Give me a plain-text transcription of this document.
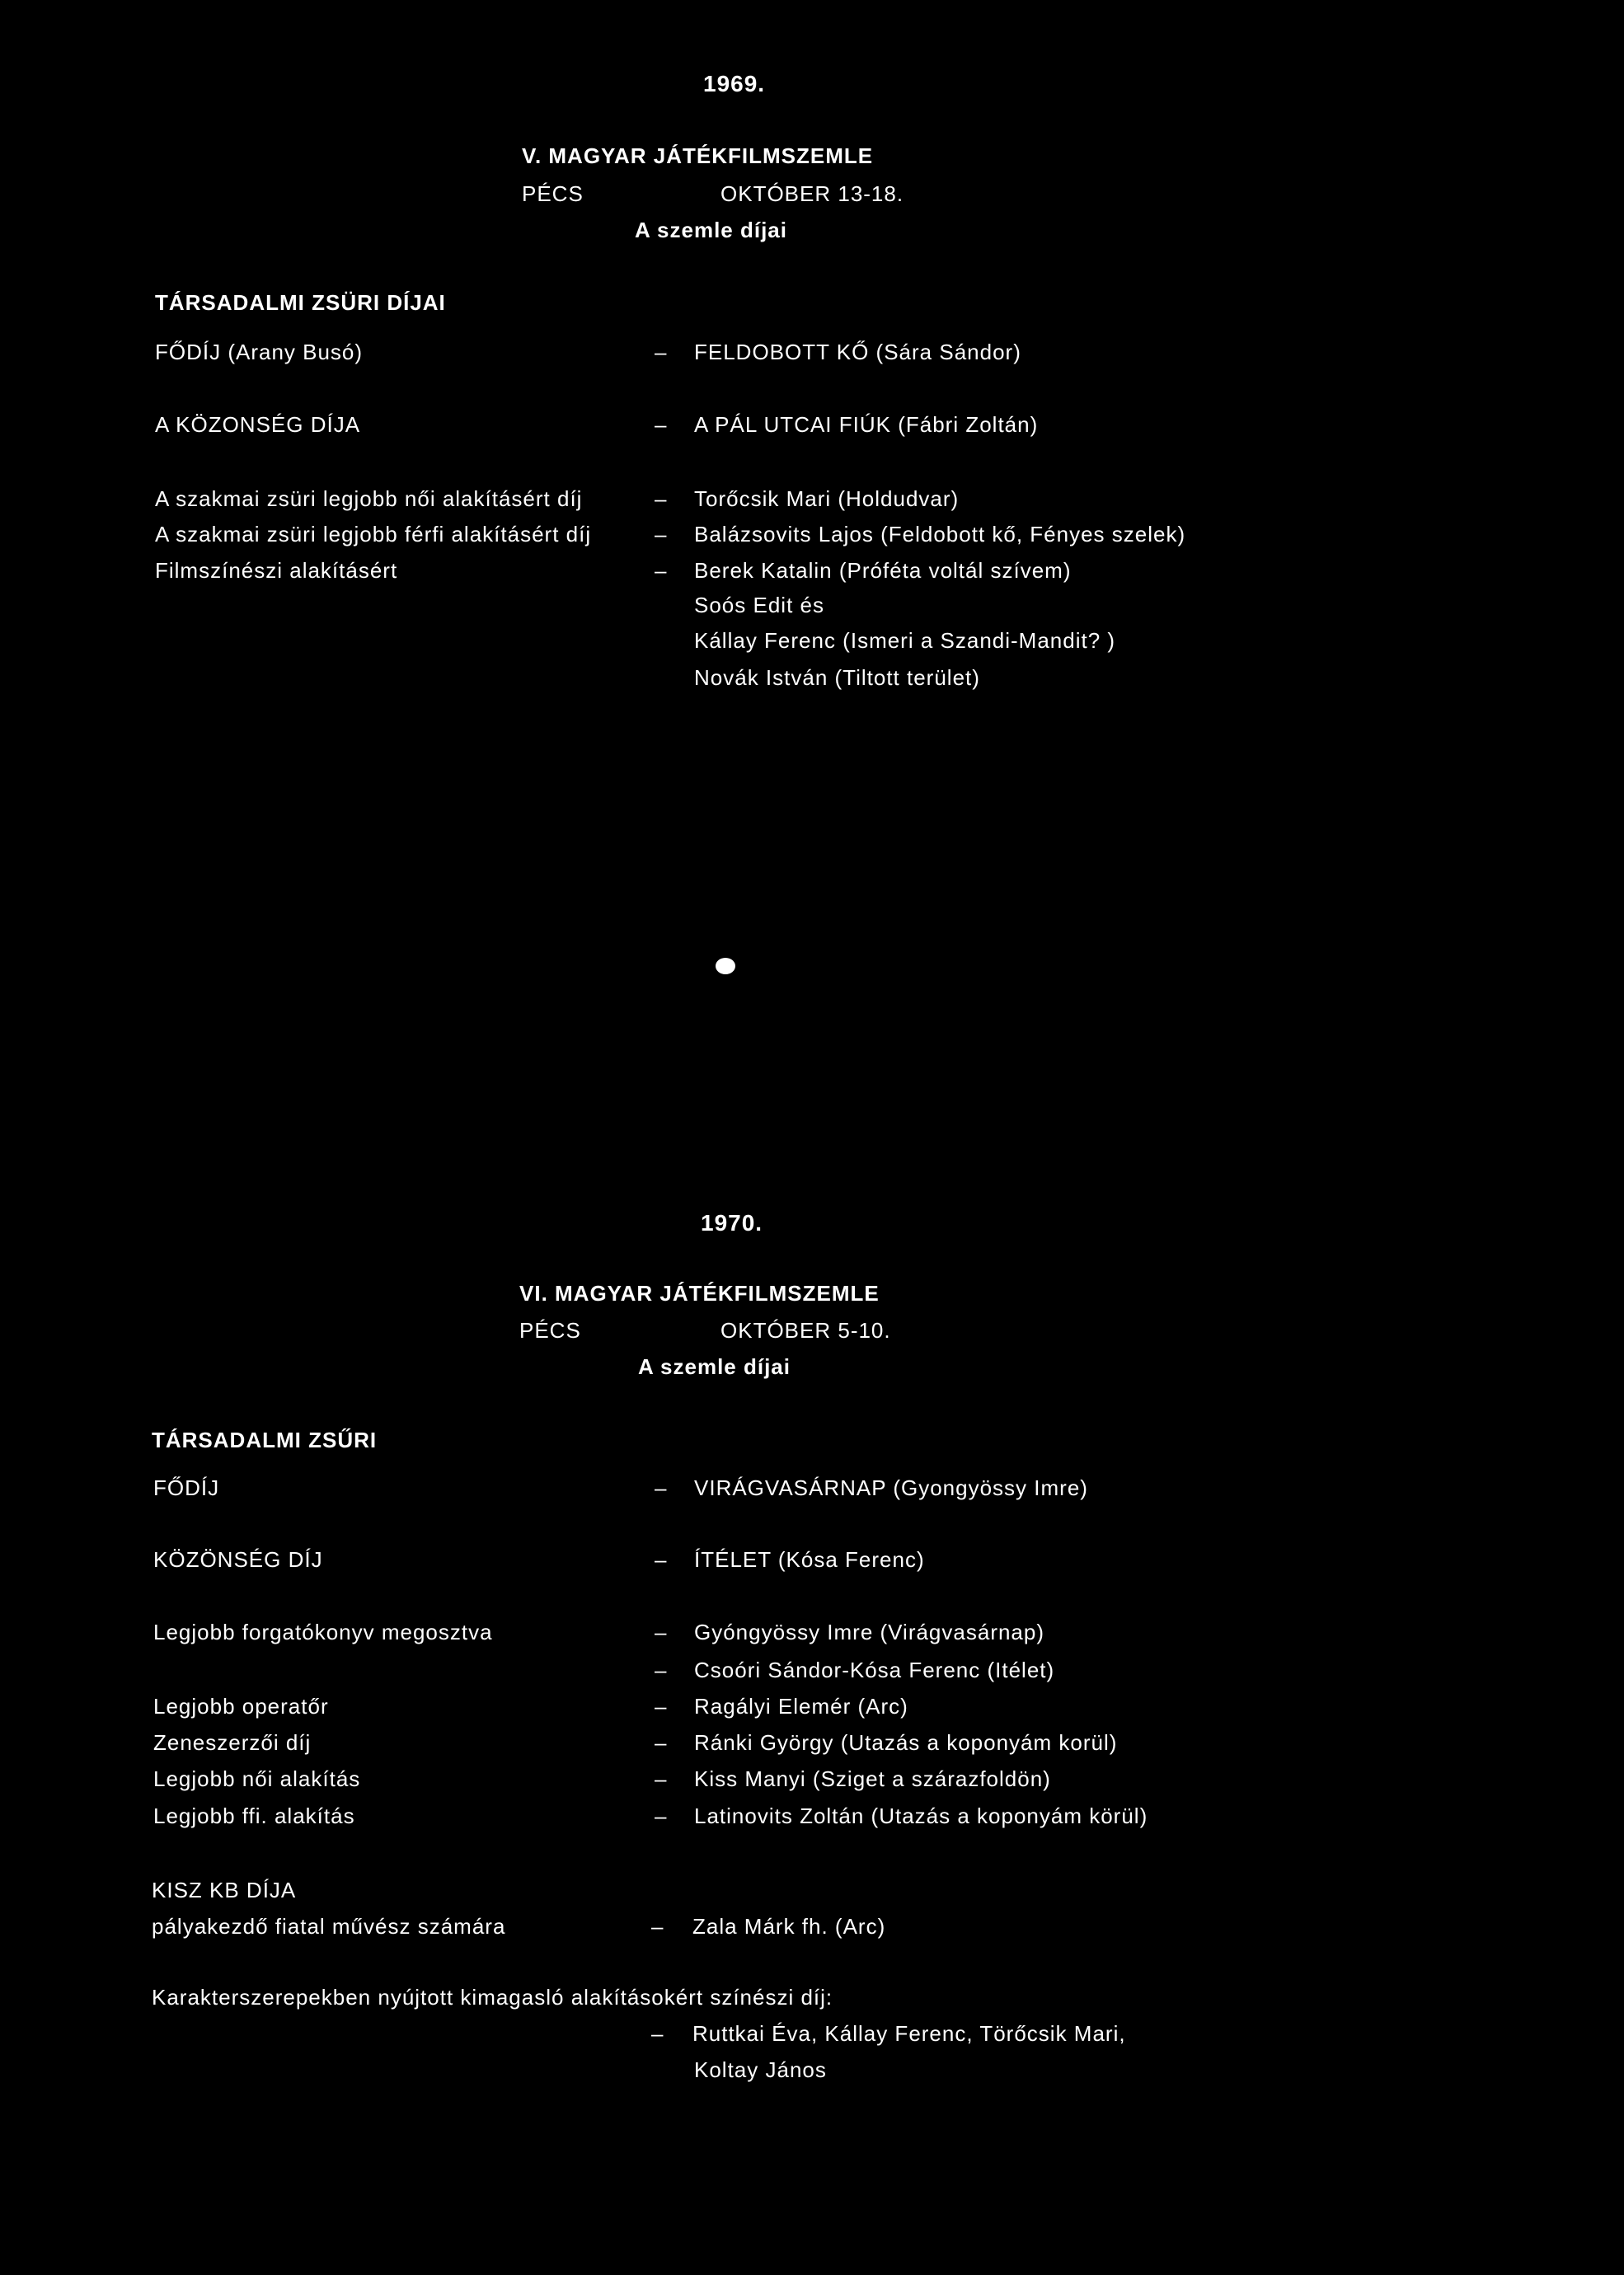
1969.
V. MAGYAR JÁTÉKFILMSZEMLE
PÉCS	OKTÓBER 13-18.
A szemle díjai
TÁRSADALMI ZSÜRI DÍJAI
FŐDÍJ (Arany Busó)	– FELDOBOTT KŐ (Sára Sándor)
A KÖZONSÉG DÍJA	– A PÁL UTCAI FIÚK (Fábri Zoltán)
A szakmai zsüri legjobb női alakításért díj	– Torőcsik Mari (Holdudvar)
A szakmai zsüri legjobb férfi alakításért díj	– Balázsovits Lajos (Feldobott kő, Fényes szelek)
Filmszínészi alakításért	– Berek Katalin (Próféta voltál szívem)
Soós Edit és
Kállay Ferenc (Ismeri a Szandi-Mandit? )
Novák István (Tiltott terület)
1970.
VI. MAGYAR JÁTÉKFILMSZEMLE
PÉCS	OKTÓBER 5-10.
A szemle díjai
TÁRSADALMI ZSŰRI
FŐDÍJ	– VIRÁGVASÁRNAP (Gyongyössy Imre)
KÖZÖNSÉG DÍJ	– ÍTÉLET (Kósa Ferenc)
Legjobb forgatókonyv megosztva	– Gyóngyössy Imre (Virágvasárnap)
– Csoóri Sándor-Kósa Ferenc (Itélet)
Legjobb operatőr	– Ragályi Elemér (Arc)
Zeneszerzői díj	– Ránki György (Utazás a koponyám korül)
Legjobb női alakítás	– Kiss Manyi (Sziget a szárazfoldön)
Legjobb ffi. alakítás	– Latinovits Zoltán (Utazás a koponyám körül)
KISZ KB DÍJA
pályakezdő fiatal művész számára	– Zala Márk fh. (Arc)
Karakterszerepekben nyújtott kimagasló alakításokért színészi díj:
– Ruttkai Éva, Kállay Ferenc, Törőcsik Mari,
Koltay János
